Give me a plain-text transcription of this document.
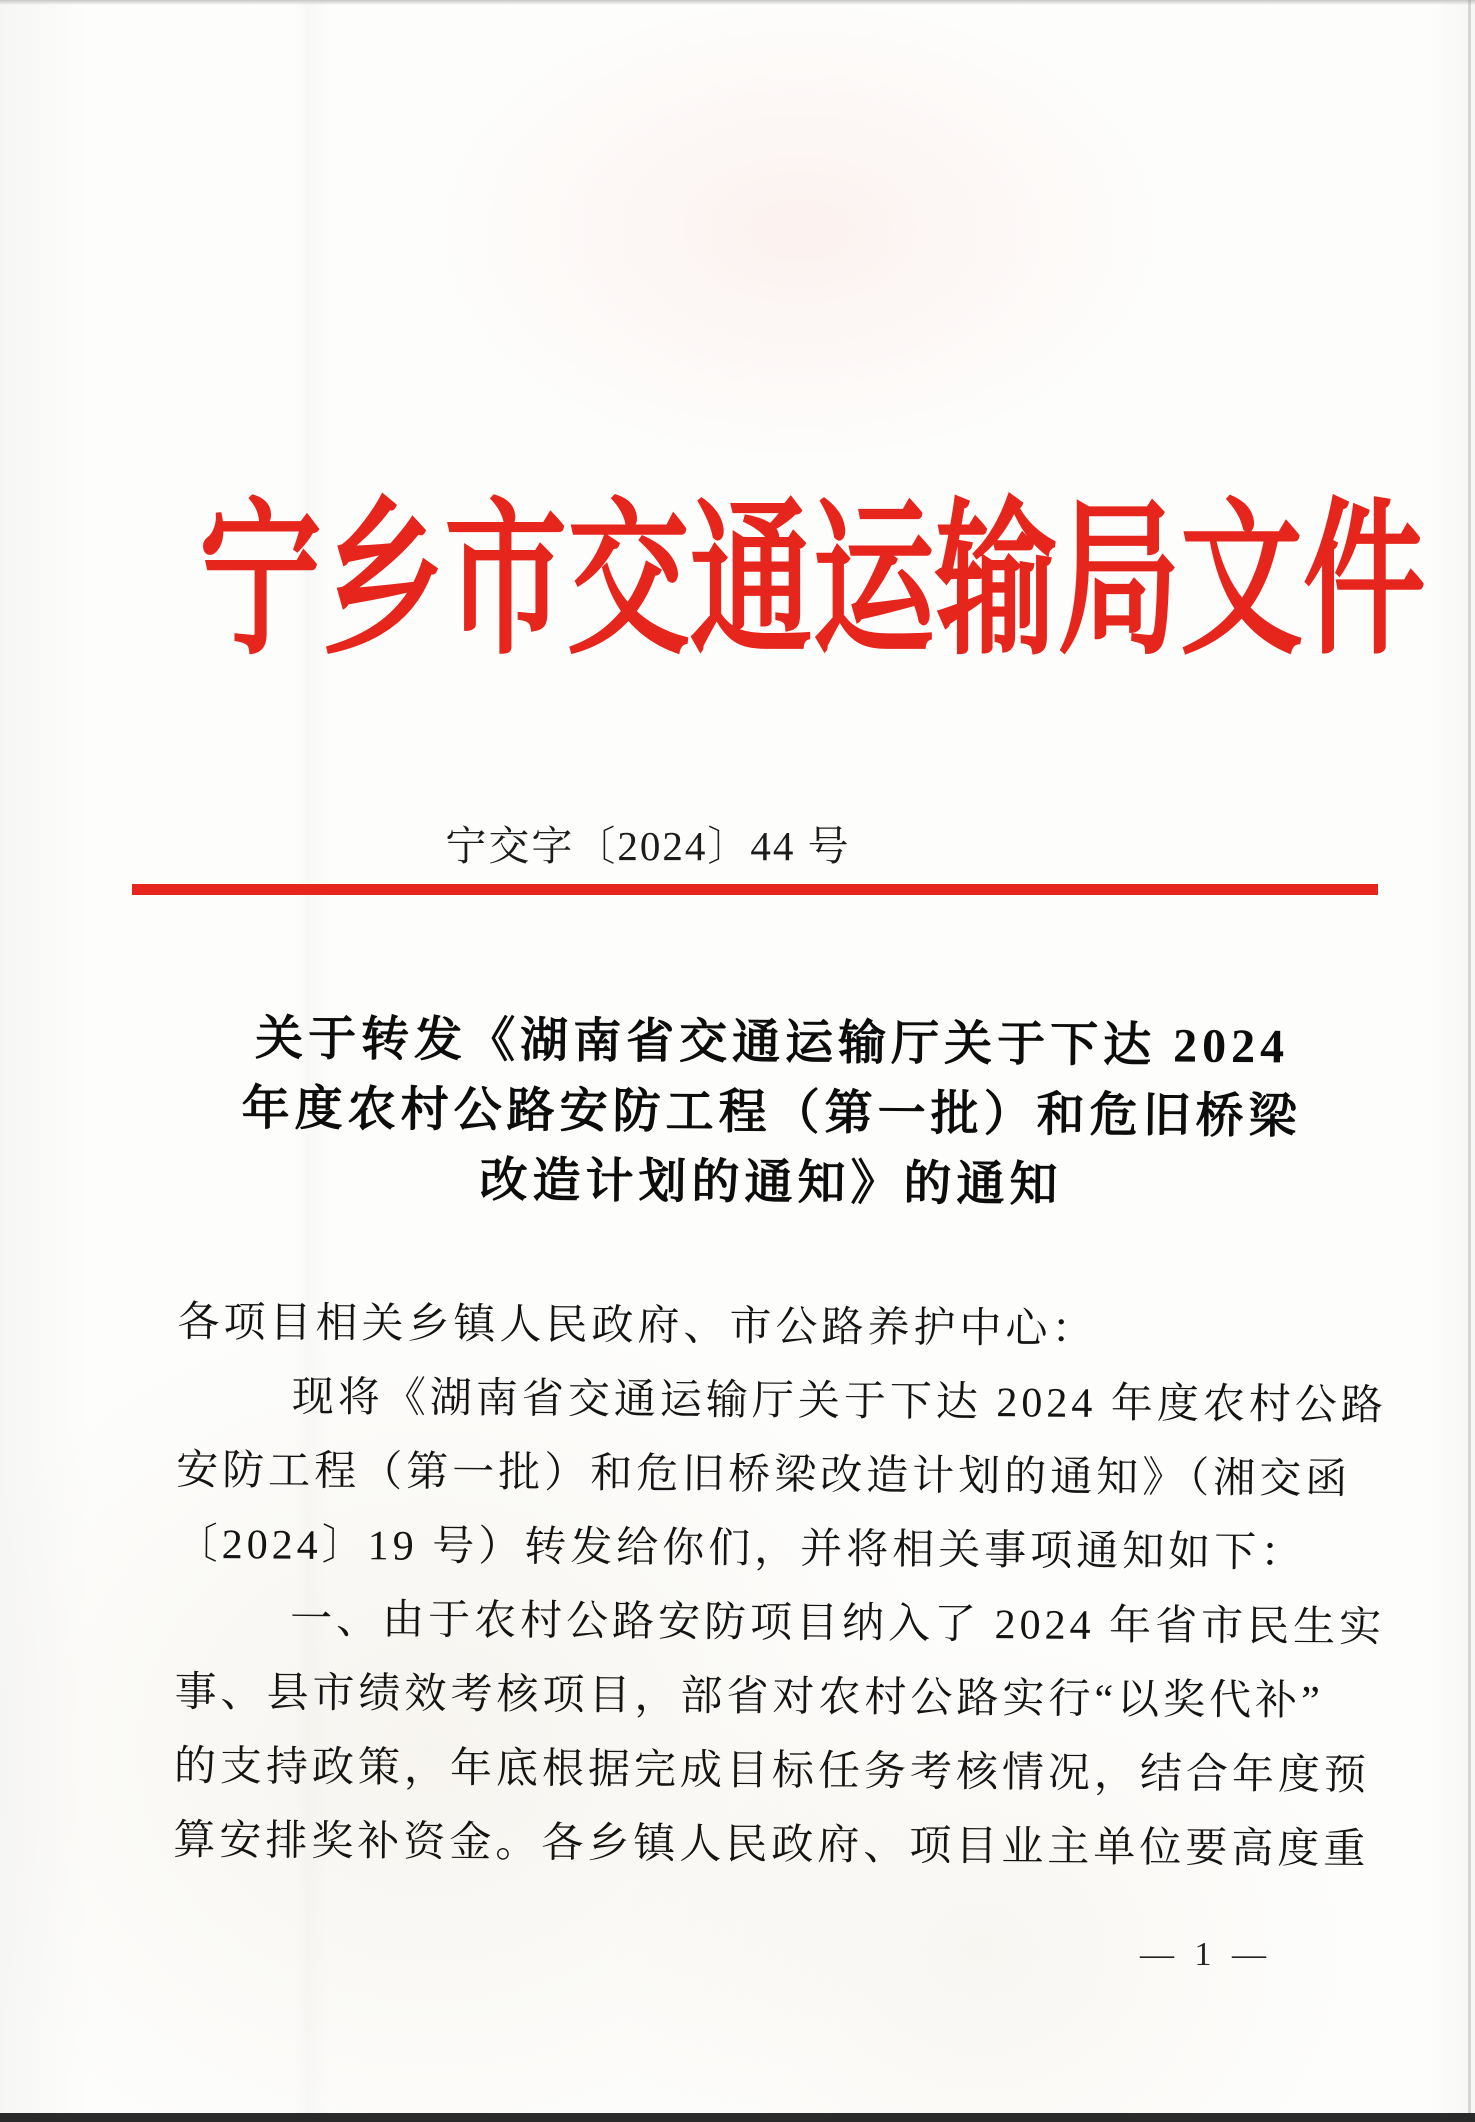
宁乡市交通运输局文件
宁交字〔2024〕44 号
关于转发《湖南省交通运输厅关于下达 2024
年度农村公路安防工程（第一批）和危旧桥梁
改造计划的通知》的通知
各项目相关乡镇人民政府、市公路养护中心：
现将《湖南省交通运输厅关于下达 2024 年度农村公路
安防工程（第一批）和危旧桥梁改造计划的通知》（湘交函
〔2024〕19 号）转发给你们，并将相关事项通知如下：
一、由于农村公路安防项目纳入了 2024 年省市民生实
事、县市绩效考核项目，部省对农村公路实行“以奖代补”
的支持政策，年底根据完成目标任务考核情况，结合年度预
算安排奖补资金。各乡镇人民政府、项目业主单位要高度重
— 1 —
